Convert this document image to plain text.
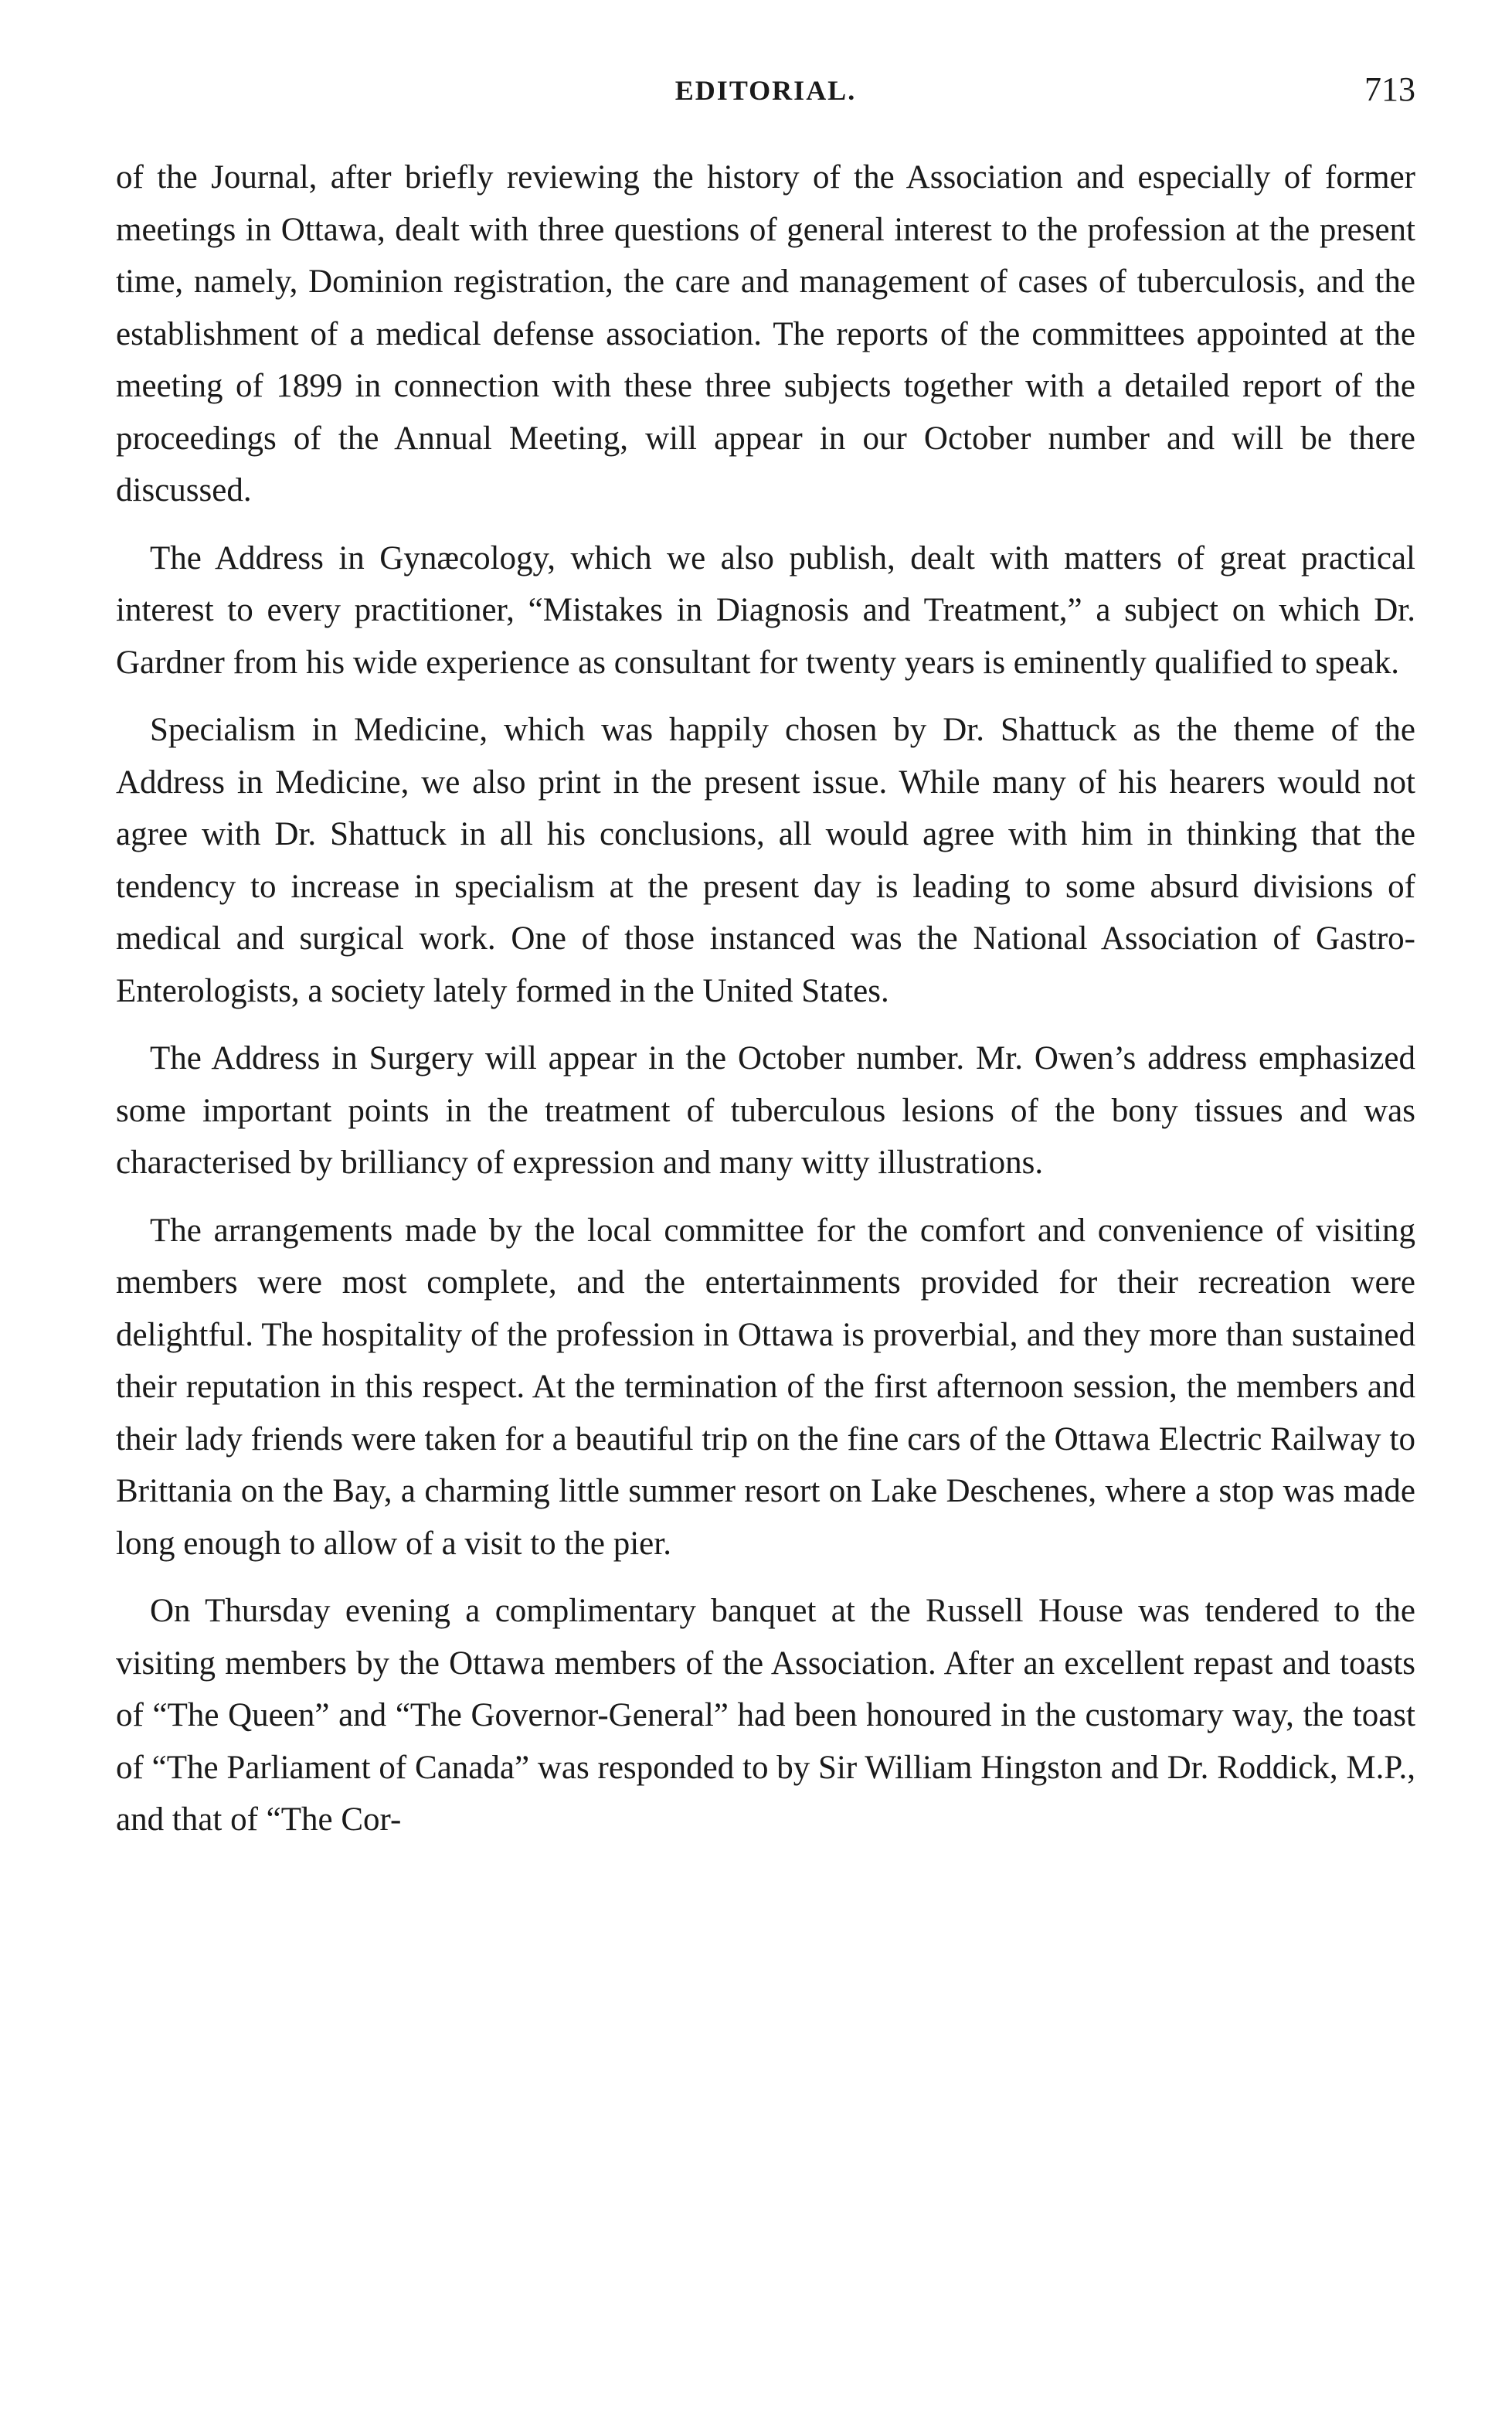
EDITORIAL.	713

of the Journal, after briefly reviewing the history of the Association and especially of former meetings in Ottawa, dealt with three questions of general interest to the profession at the present time, namely, Dominion registration, the care and management of cases of tuberculosis, and the establishment of a medical defense association. The reports of the committees appointed at the meeting of 1899 in connection with these three subjects together with a detailed report of the proceedings of the Annual Meeting, will appear in our October number and will be there discussed.

The Address in Gynæcology, which we also publish, dealt with matters of great practical interest to every practitioner, “Mistakes in Diagnosis and Treatment,” a subject on which Dr. Gardner from his wide experience as consultant for twenty years is eminently qualified to speak.

Specialism in Medicine, which was happily chosen by Dr. Shattuck as the theme of the Address in Medicine, we also print in the present issue. While many of his hearers would not agree with Dr. Shattuck in all his conclusions, all would agree with him in thinking that the tendency to increase in specialism at the present day is leading to some absurd divisions of medical and surgical work. One of those instanced was the National Association of Gastro-Enterologists, a society lately formed in the United States.

The Address in Surgery will appear in the October number. Mr. Owen’s address emphasized some important points in the treatment of tuberculous lesions of the bony tissues and was characterised by brilliancy of expression and many witty illustrations.

The arrangements made by the local committee for the comfort and convenience of visiting members were most complete, and the entertainments provided for their recreation were delightful. The hospitality of the profession in Ottawa is proverbial, and they more than sustained their reputation in this respect. At the termination of the first afternoon session, the members and their lady friends were taken for a beautiful trip on the fine cars of the Ottawa Electric Railway to Brittania on the Bay, a charming little summer resort on Lake Deschenes, where a stop was made long enough to allow of a visit to the pier.

On Thursday evening a complimentary banquet at the Russell House was tendered to the visiting members by the Ottawa members of the Association. After an excellent repast and toasts of “The Queen” and “The Governor-General” had been honoured in the customary way, the toast of “The Parliament of Canada” was responded to by Sir William Hingston and Dr. Roddick, M.P., and that of “The Cor-
